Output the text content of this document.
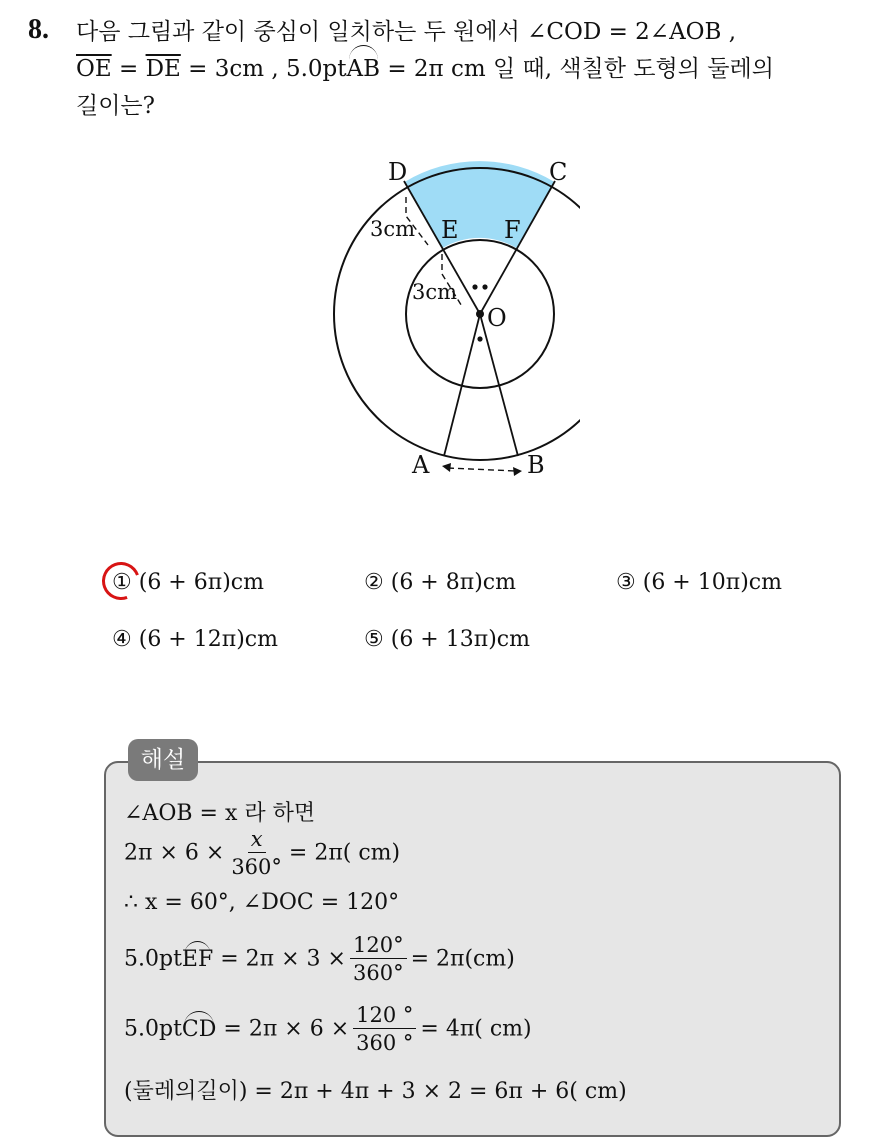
8. 다음 그림과 같이 중심이 일치하는 두 원에서 ∠COD = 2∠AOB ,
$\overline{OE} = \overline{DE} = 3cm$ , 5.0ptAB = 2π cm 일 때, 색칠한 도형의 둘레의
길이는?
D	C
E F
O
A	B
3cm
3cm
① (6 + 6π)cm	② (6 + 8π)cm	③ (6 + 10π)cm
④ (6 + 12π)cm	⑤ (6 + 13π)cm
해설
∠AOB = x 라 하면
$2\pi \times 6 \times \frac{x}{360^\circ} = 2\pi$( cm)
∴ x = 60°, ∠DOC = 120°
5.0ptEF = $2\pi \times 3 \times \frac{120^\circ}{360^\circ} = 2\pi(cm)$
5.0ptCD = $2\pi \times 6 \times \frac{120 ^\circ}{360 ^\circ} = 4\pi$( cm)
(둘레의길이) = 2π + 4π + 3 × 2 = 6π + 6( cm)
